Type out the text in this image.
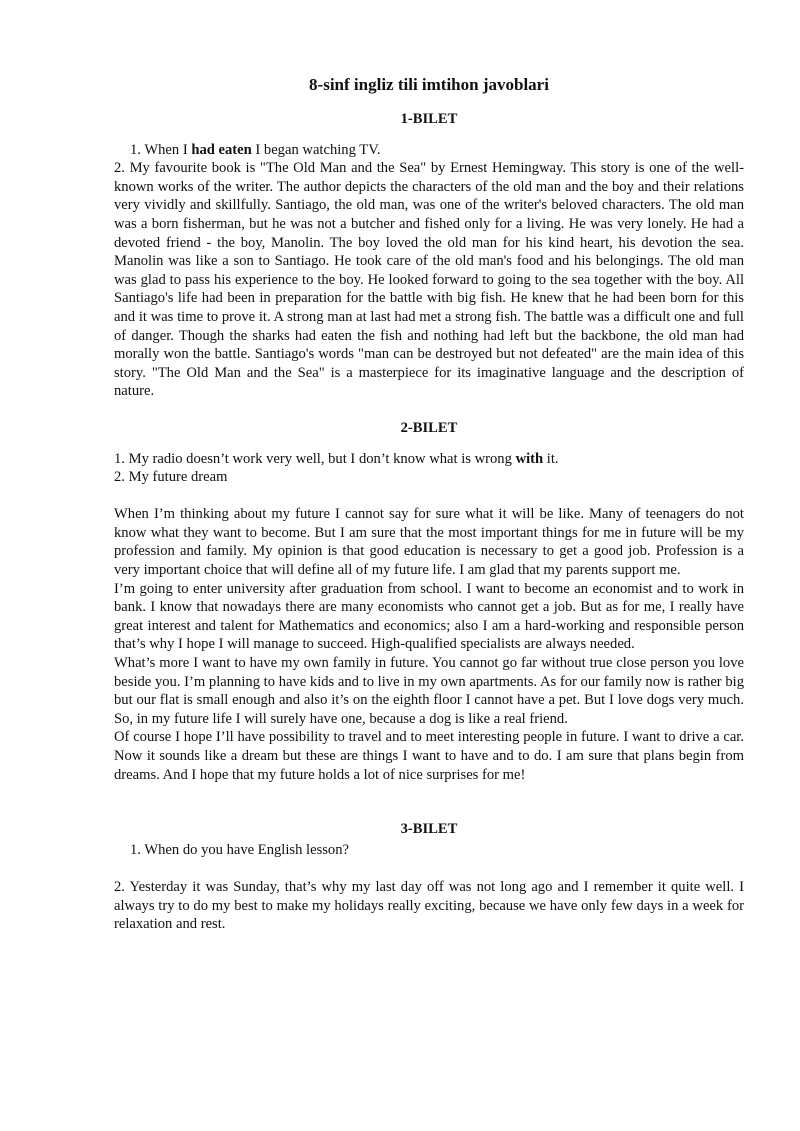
8-sinf ingliz tili imtihon javoblari
1-BILET

1. When I had eaten I began watching TV.

2. My favourite book is "The Old Man and the Sea" by Ernest Hemingway. This story is one of the well-known works of the writer. The author depicts the characters of the old man and the boy and their relations very vividly and skillfully. Santiago, the old man, was one of the writer's beloved characters. The old man was a born fisherman, but he was not a butcher and fished only for a living. He was very lonely. He had a devoted friend - the boy, Manolin. The boy loved the old man for his kind heart, his devotion the sea. Manolin was like a son to Santiago. He took care of the old man's food and his belongings. The old man was glad to pass his experience to the boy. He looked forward to going to the sea together with the boy. All Santiago's life had been in preparation for the battle with big fish. He knew that he had been born for this and it was time to prove it. A strong man at last had met a strong fish. The battle was a difficult one and full of danger. Though the sharks had eaten the fish and nothing had left but the backbone, the old man had morally won the battle. Santiago's words "man can be destroyed but not defeated" are the main idea of this story. "The Old Man and the Sea" is a masterpiece for its imaginative language and the description of nature.

2-BILET

1. My radio doesn’t work very well, but I don’t know what is wrong with it.

2. My future dream

When I’m thinking about my future I cannot say for sure what it will be like. Many of teenagers do not know what they want to become. But I am sure that the most important things for me in future will be my profession and family. My opinion is that good education is necessary to get a good job. Profession is a very important choice that will define all of my future life. I am glad that my parents support me.

I’m going to enter university after graduation from school. I want to become an economist and to work in bank. I know that nowadays there are many economists who cannot get a job. But as for me, I really have great interest and talent for Mathematics and economics; also I am a hard-working and responsible person that’s why I hope I will manage to succeed. High-qualified specialists are always needed.

What’s more I want to have my own family in future. You cannot go far without true close person you love beside you. I’m planning to have kids and to live in my own apartments. As for our family now is rather big but our flat is small enough and also it’s on the eighth floor I cannot have a pet. But I love dogs very much. So, in my future life I will surely have one, because a dog is like a real friend.

Of course I hope I’ll have possibility to travel and to meet interesting people in future. I want to drive a car. Now it sounds like a dream but these are things I want to have and to do. I am sure that plans begin from dreams. And I hope that my future holds a lot of nice surprises for me!

3-BILET

1. When do you have English lesson?

2. Yesterday it was Sunday, that’s why my last day off was not long ago and I remember it quite well. I always try to do my best to make my holidays really exciting, because we have only few days in a week for relaxation and rest.
